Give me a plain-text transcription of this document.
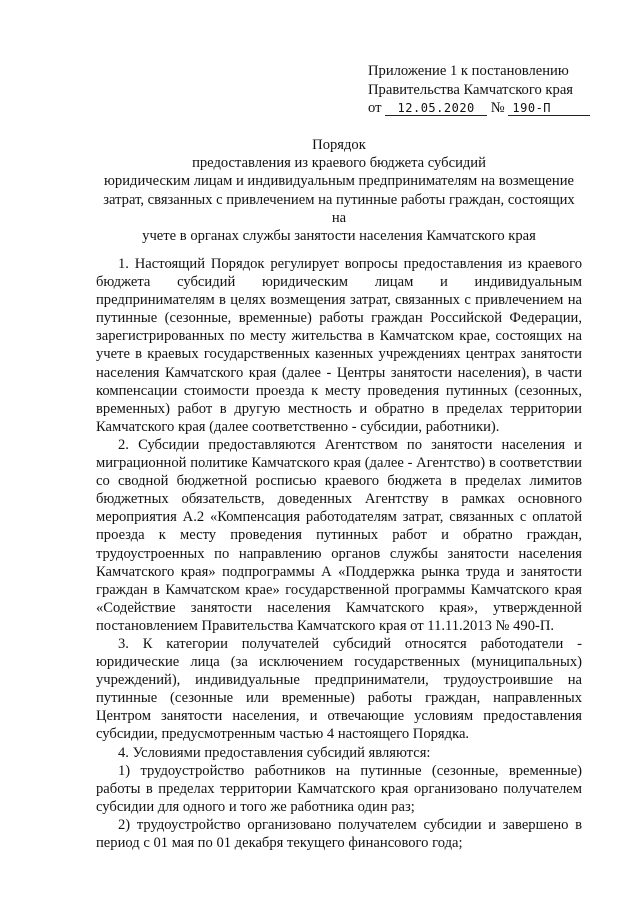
Приложение 1 к постановлению
Правительства Камчатского края
от 12.05.2020 № 190-П
Порядок
предоставления из краевого бюджета субсидий
юридическим лицам и индивидуальным предпринимателям на возмещение
затрат, связанных с привлечением на путинные работы граждан, состоящих на
учете в органах службы занятости населения Камчатского края

1. Настоящий Порядок регулирует вопросы предоставления из краевого бюджета субсидий юридическим лицам и индивидуальным предпринимателям в целях возмещения затрат, связанных с привлечением на путинные (сезонные, временные) работы граждан Российской Федерации, зарегистрированных по месту жительства в Камчатском крае, состоящих на учете в краевых государственных казенных учреждениях центрах занятости населения Камчатского края (далее - Центры занятости населения), в части компенсации стоимости проезда к месту проведения путинных (сезонных, временных) работ в другую местность и обратно в пределах территории Камчатского края (далее соответственно - субсидии, работники).

2. Субсидии предоставляются Агентством по занятости населения и миграционной политике Камчатского края (далее - Агентство) в соответствии со сводной бюджетной росписью краевого бюджета в пределах лимитов бюджетных обязательств, доведенных Агентству в рамках основного мероприятия А.2 «Компенсация работодателям затрат, связанных с оплатой проезда к месту проведения путинных работ и обратно граждан, трудоустроенных по направлению органов службы занятости населения Камчатского края» подпрограммы А «Поддержка рынка труда и занятости граждан в Камчатском крае» государственной программы Камчатского края «Содействие занятости населения Камчатского края», утвержденной постановлением Правительства Камчатского края от 11.11.2013 № 490-П.

3. К категории получателей субсидий относятся работодатели - юридические лица (за исключением государственных (муниципальных) учреждений), индивидуальные предприниматели, трудоустроившие на путинные (сезонные или временные) работы граждан, направленных Центром занятости населения, и отвечающие условиям предоставления субсидии, предусмотренным частью 4 настоящего Порядка.

4. Условиями предоставления субсидий являются:

1) трудоустройство работников на путинные (сезонные, временные) работы в пределах территории Камчатского края организовано получателем субсидии для одного и того же работника один раз;

2) трудоустройство организовано получателем субсидии и завершено в период с 01 мая по 01 декабря текущего финансового года;
